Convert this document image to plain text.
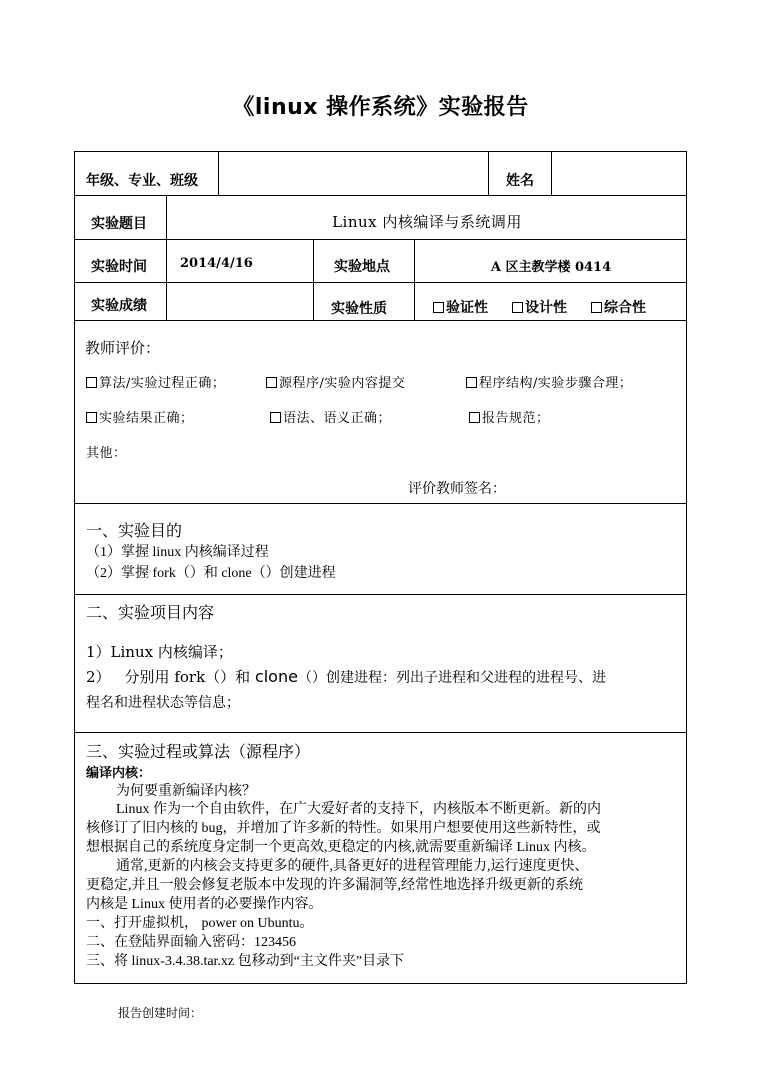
《linux 操作系统》实验报告
年级、专业、班级	姓名
实验题目	Linux 内核编译与系统调用
实验时间	2014/4/16	实验地点	A 区主教学楼 0414
实验成绩	实验性质	验证性	设计性	综合性
教师评价：
算法/实验过程正确；	源程序/实验内容提交	程序结构/实验步骤合理；
实验结果正确；	语法、语义正确；	报告规范；
其他：
评价教师签名：
一、实验目的
（1）掌握 linux 内核编译过程
（2）掌握 fork（）和 clone（）创建进程
二、实验项目内容
1）Linux 内核编译；
2） 分别用 fork（）和 clone（）创建进程：列出子进程和父进程的进程号、进
程名和进程状态等信息；
三、实验过程或算法（源程序）
编译内核：
为何要重新编译内核？
Linux 作为一个自由软件，在广大爱好者的支持下，内核版本不断更新。新的内
核修订了旧内核的 bug，并增加了许多新的特性。如果用户想要使用这些新特性，或
想根据自己的系统度身定制一个更高效,更稳定的内核,就需要重新编译 Linux 内核。
通常,更新的内核会支持更多的硬件,具备更好的进程管理能力,运行速度更快、
更稳定,并且一般会修复老版本中发现的许多漏洞等,经常性地选择升级更新的系统
内核是 Linux 使用者的必要操作内容。
一、打开虚拟机， power on Ubuntu。
二、在登陆界面输入密码：123456
三、将 linux-3.4.38.tar.xz 包移动到“主文件夹”目录下
报告创建时间：
